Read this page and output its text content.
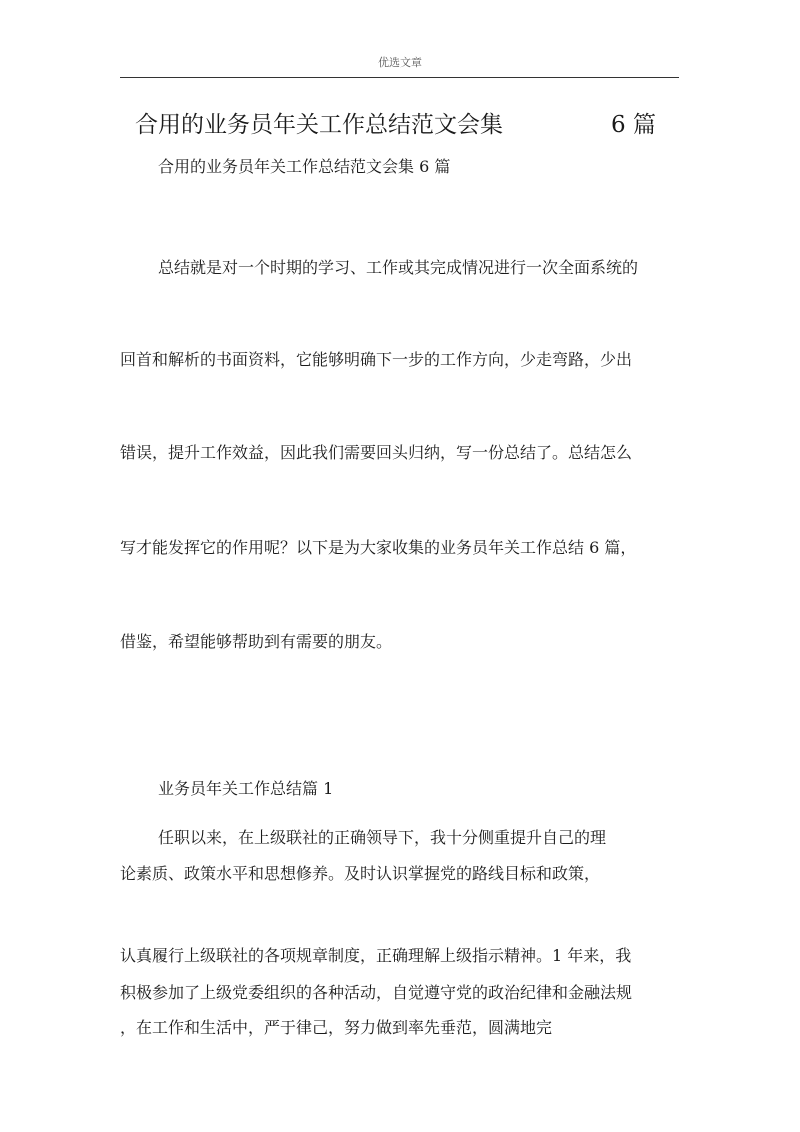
优选文章
合用的业务员年关工作总结范文会集	6 篇
合用的业务员年关工作总结范文会集 6 篇
总结就是对一个时期的学习、工作或其完成情况进行一次全面系统的
回首和解析的书面资料，它能够明确下一步的工作方向，少走弯路，少出
错误，提升工作效益，因此我们需要回头归纳，写一份总结了。总结怎么
写才能发挥它的作用呢？以下是为大家收集的业务员年关工作总结 6 篇，
借鉴，希望能够帮助到有需要的朋友。
业务员年关工作总结篇 1
任职以来，在上级联社的正确领导下，我十分侧重提升自己的理
论素质、政策水平和思想修养。及时认识掌握党的路线目标和政策，
认真履行上级联社的各项规章制度，正确理解上级指示精神。1 年来，我
积极参加了上级党委组织的各种活动，自觉遵守党的政治纪律和金融法规
，在工作和生活中，严于律己，努力做到率先垂范，圆满地完
